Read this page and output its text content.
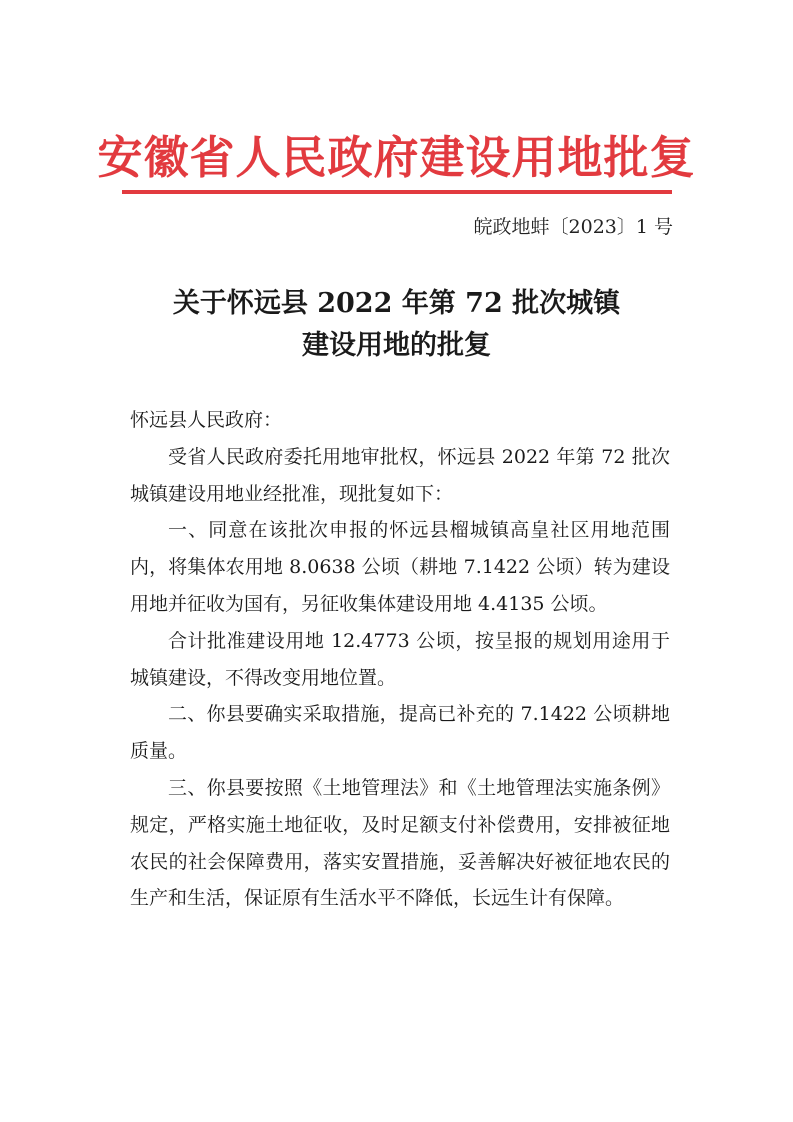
安徽省人民政府建设用地批复
皖政地蚌〔2023〕1 号
关于怀远县 2022 年第 72 批次城镇
建设用地的批复

怀远县人民政府：

受省人民政府委托用地审批权，怀远县 2022 年第 72 批次城镇建设用地业经批准，现批复如下：

一、同意在该批次申报的怀远县榴城镇高皇社区用地范围内，将集体农用地 8.0638 公顷（耕地 7.1422 公顷）转为建设用地并征收为国有，另征收集体建设用地 4.4135 公顷。

合计批准建设用地 12.4773 公顷，按呈报的规划用途用于城镇建设，不得改变用地位置。

二、你县要确实采取措施，提高已补充的 7.1422 公顷耕地质量。

三、你县要按照《土地管理法》和《土地管理法实施条例》规定，严格实施土地征收，及时足额支付补偿费用，安排被征地农民的社会保障费用，落实安置措施，妥善解决好被征地农民的生产和生活，保证原有生活水平不降低，长远生计有保障。
